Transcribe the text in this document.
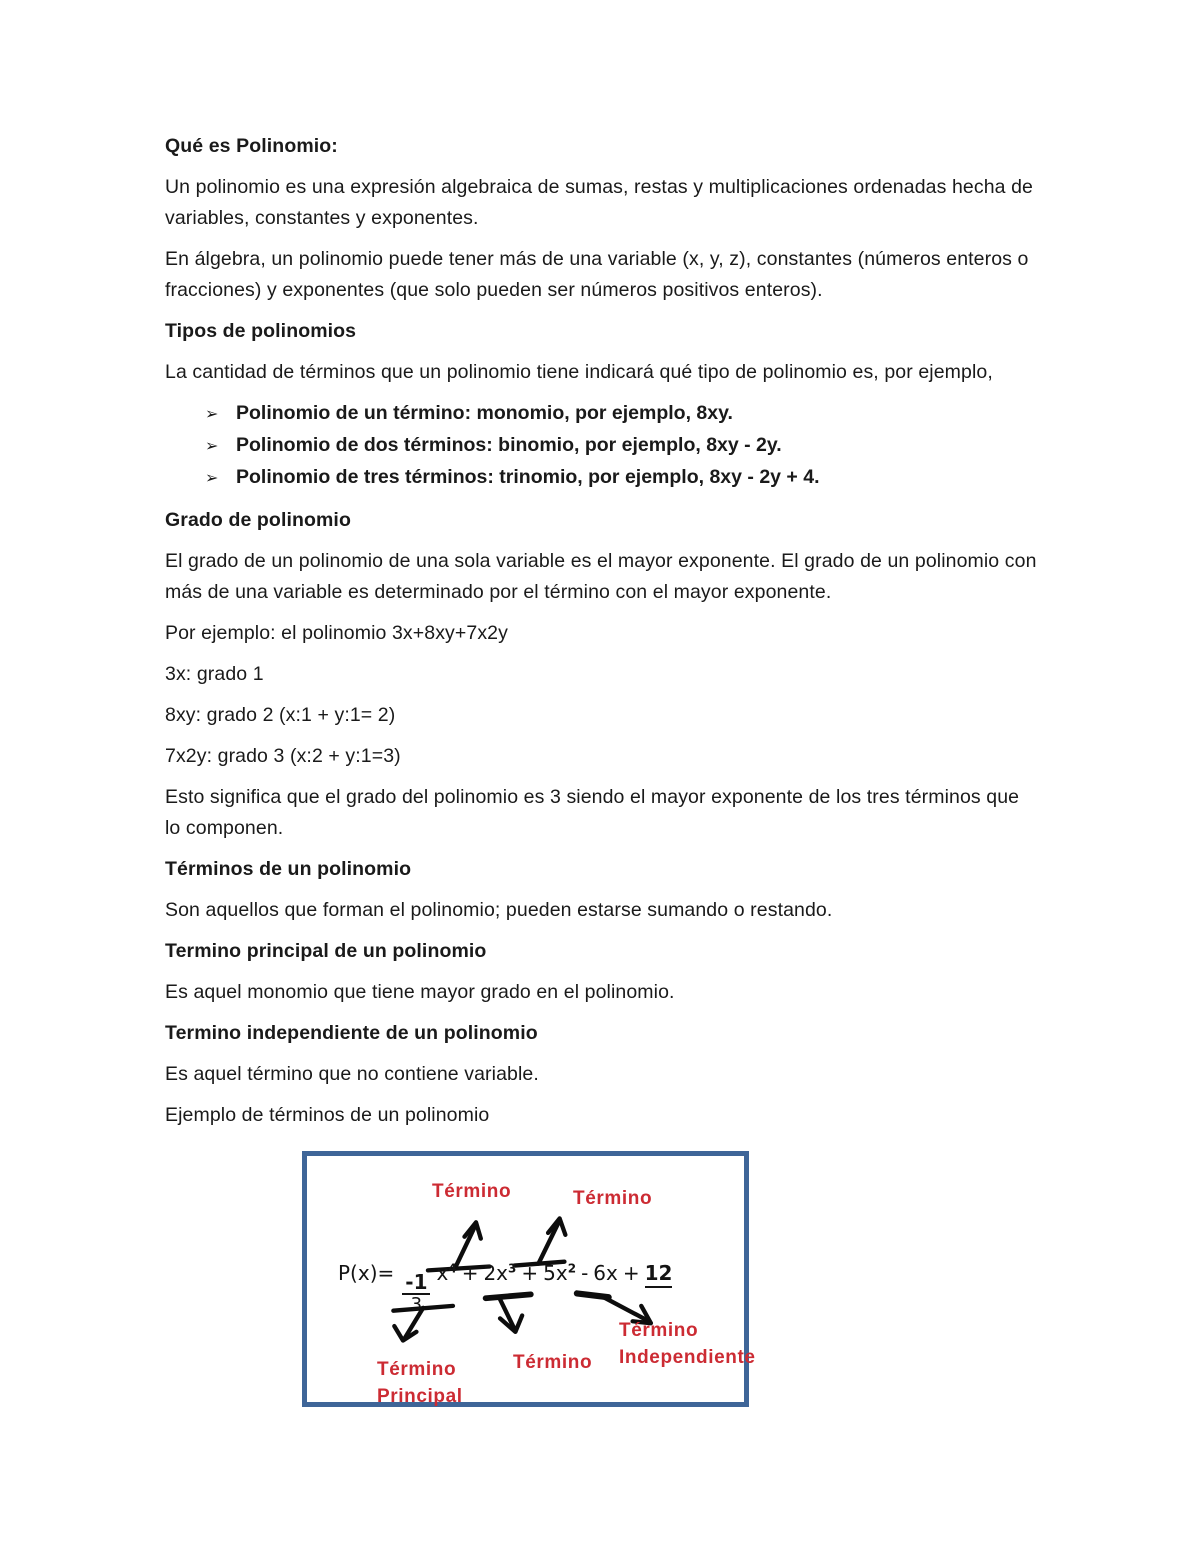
Qué es Polinomio:

Un polinomio es una expresión algebraica de sumas, restas y multiplicaciones ordenadas hecha de variables, constantes y exponentes.

En álgebra, un polinomio puede tener más de una variable (x, y, z), constantes (números enteros o fracciones) y exponentes (que solo pueden ser números positivos enteros).

Tipos de polinomios

La cantidad de términos que un polinomio tiene indicará qué tipo de polinomio es, por ejemplo,

➢ Polinomio de un término: monomio, por ejemplo, 8xy.
➢ Polinomio de dos términos: binomio, por ejemplo, 8xy - 2y.
➢ Polinomio de tres términos: trinomio, por ejemplo, 8xy - 2y + 4.
Grado de polinomio

El grado de un polinomio de una sola variable es el mayor exponente. El grado de un polinomio con más de una variable es determinado por el término con el mayor exponente.

Por ejemplo: el polinomio 3x+8xy+7x2y

3x: grado 1

8xy: grado 2 (x:1 + y:1= 2)

7x2y: grado 3 (x:2 + y:1=3)

Esto significa que el grado del polinomio es 3 siendo el mayor exponente de los tres términos que lo componen.

Términos de un polinomio

Son aquellos que forman el polinomio; pueden estarse sumando o restando.

Termino principal de un polinomio

Es aquel monomio que tiene mayor grado en el polinomio.

Termino independiente de un polinomio

Es aquel término que no contiene variable.

Ejemplo de términos de un polinomio

Término	Término
$P(x)= \frac{-1}{3} x^4 + 2x^3 + 5x^2 - 6x + 12$
Término
Principal
Término
Término
Independiente
